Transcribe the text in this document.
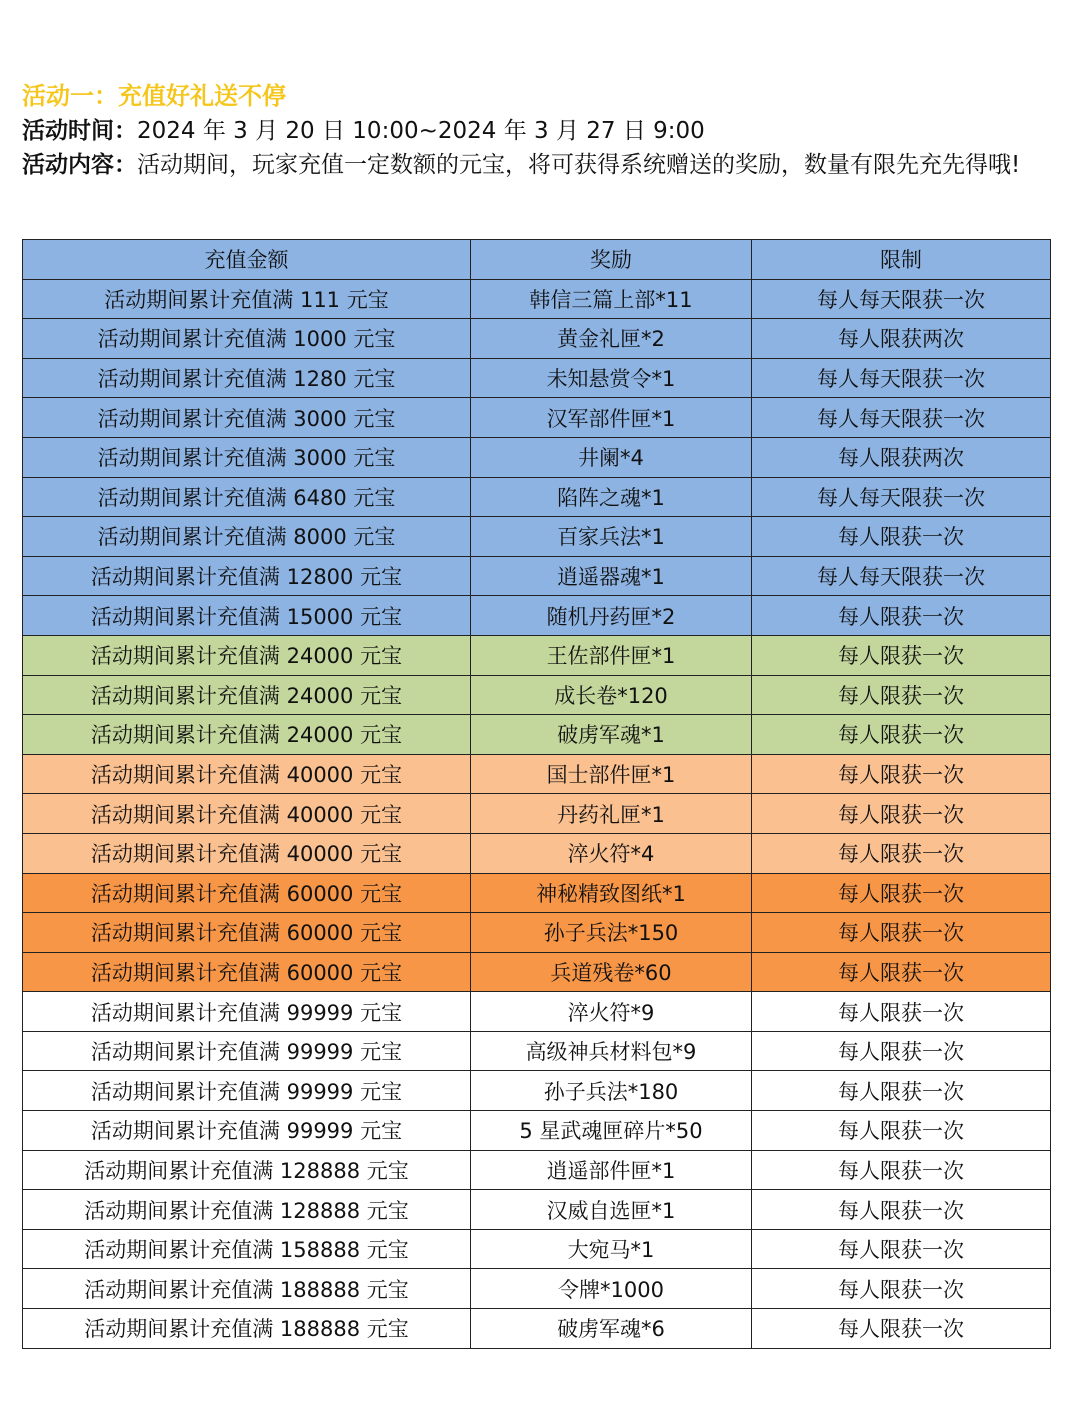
活动一：充值好礼送不停
活动时间：2024 年 3 月 20 日 10:00~2024 年 3 月 27 日 9:00
活动内容：活动期间，玩家充值一定数额的元宝，将可获得系统赠送的奖励，数量有限先充先得哦!
充值金额	奖励	限制
活动期间累计充值满 111 元宝	韩信三篇上部*11	每人每天限获一次
活动期间累计充值满 1000 元宝	黄金礼匣*2	每人限获两次
活动期间累计充值满 1280 元宝	未知悬赏令*1	每人每天限获一次
活动期间累计充值满 3000 元宝	汉军部件匣*1	每人每天限获一次
活动期间累计充值满 3000 元宝	井阑*4	每人限获两次
活动期间累计充值满 6480 元宝	陷阵之魂*1	每人每天限获一次
活动期间累计充值满 8000 元宝	百家兵法*1	每人限获一次
活动期间累计充值满 12800 元宝	逍遥器魂*1	每人每天限获一次
活动期间累计充值满 15000 元宝	随机丹药匣*2	每人限获一次
活动期间累计充值满 24000 元宝	王佐部件匣*1	每人限获一次
活动期间累计充值满 24000 元宝	成长卷*120	每人限获一次
活动期间累计充值满 24000 元宝	破虏军魂*1	每人限获一次
活动期间累计充值满 40000 元宝	国士部件匣*1	每人限获一次
活动期间累计充值满 40000 元宝	丹药礼匣*1	每人限获一次
活动期间累计充值满 40000 元宝	淬火符*4	每人限获一次
活动期间累计充值满 60000 元宝	神秘精致图纸*1	每人限获一次
活动期间累计充值满 60000 元宝	孙子兵法*150	每人限获一次
活动期间累计充值满 60000 元宝	兵道残卷*60	每人限获一次
活动期间累计充值满 99999 元宝	淬火符*9	每人限获一次
活动期间累计充值满 99999 元宝	高级神兵材料包*9	每人限获一次
活动期间累计充值满 99999 元宝	孙子兵法*180	每人限获一次
活动期间累计充值满 99999 元宝	5 星武魂匣碎片*50	每人限获一次
活动期间累计充值满 128888 元宝	逍遥部件匣*1	每人限获一次
活动期间累计充值满 128888 元宝	汉威自选匣*1	每人限获一次
活动期间累计充值满 158888 元宝	大宛马*1	每人限获一次
活动期间累计充值满 188888 元宝	令牌*1000	每人限获一次
活动期间累计充值满 188888 元宝	破虏军魂*6	每人限获一次
